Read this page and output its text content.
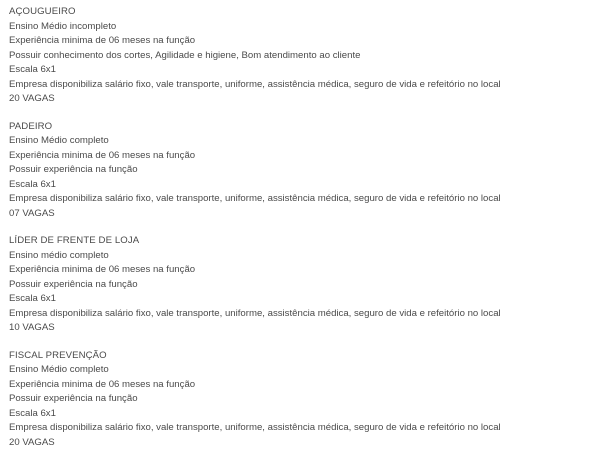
AÇOUGUEIRO
Ensino Médio incompleto
Experiência minima de 06 meses na função
Possuir conhecimento dos cortes, Agilidade e higiene, Bom atendimento ao cliente
Escala 6x1
Empresa disponibiliza salário fixo, vale transporte, uniforme, assistência médica, seguro de vida e refeitório no local
20 VAGAS
PADEIRO
Ensino Médio completo
Experiência minima de 06 meses na função
Possuir experiência na função
Escala 6x1
Empresa disponibiliza salário fixo, vale transporte, uniforme, assistência médica, seguro de vida e refeitório no local
07 VAGAS
LÍDER DE FRENTE DE LOJA
Ensino médio completo
Experiência minima de 06 meses na função
Possuir experiência na função
Escala 6x1
Empresa disponibiliza salário fixo, vale transporte, uniforme, assistência médica, seguro de vida e refeitório no local
10 VAGAS
FISCAL PREVENÇÃO
Ensino Médio completo
Experiência minima de 06 meses na função
Possuir experiência na função
Escala 6x1
Empresa disponibiliza salário fixo, vale transporte, uniforme, assistência médica, seguro de vida e refeitório no local
20 VAGAS
